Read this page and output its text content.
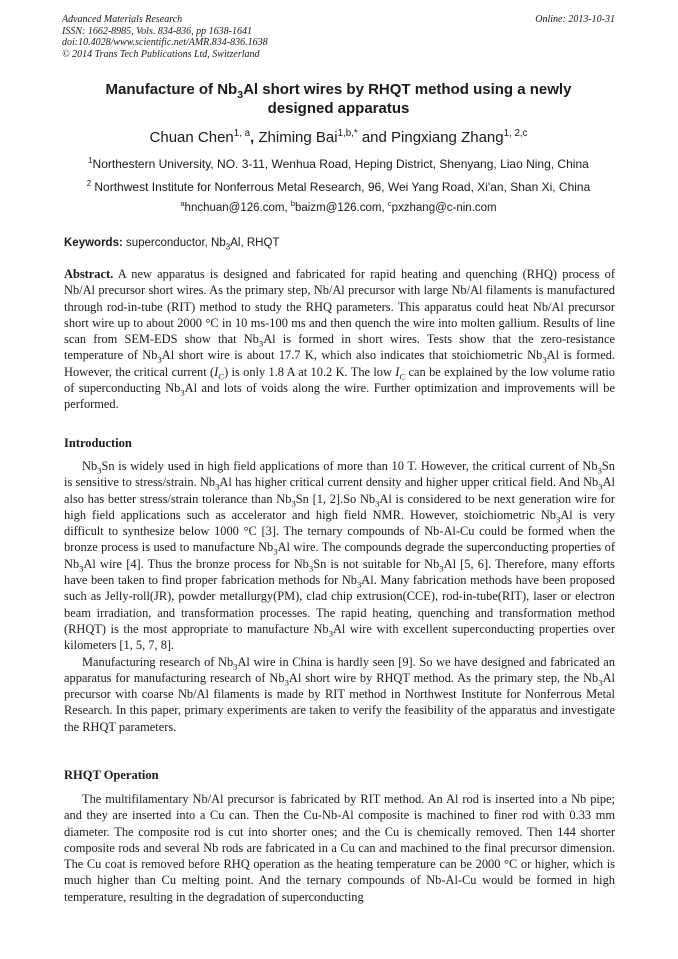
Advanced Materials Research
ISSN: 1662-8985, Vols. 834-836, pp 1638-1641
doi:10.4028/www.scientific.net/AMR.834-836.1638
© 2014 Trans Tech Publications Ltd, Switzerland
Online: 2013-10-31
Manufacture of $Nb_3Al$ short wires by RHQT method using a newly
designed apparatus
Chuan Chen$^{1, a}$, Zhiming Bai$^{1,b,*}$ and Pingxiang Zhang$^{1, 2,c}$
$^1$Northestern University, NO. 3-11, Wenhua Road, Heping District, Shenyang, Liao Ning, China
$^2$ Northwest Institute for Nonferrous Metal Research, 96, Wei Yang Road, Xi'an, Shan Xi, China
$^a$hnchuan@126.com, $^b$baizm@126.com, $^c$pxzhang@c-nin.com
Keywords: superconductor, $Nb_3Al$, RHQT

Abstract. A new apparatus is designed and fabricated for rapid heating and quenching (RHQ) process of Nb/Al precursor short wires. As the primary step, Nb/Al precursor with large Nb/Al filaments is manufactured through rod-in-tube (RIT) method to study the RHQ parameters. This apparatus could heat Nb/Al precursor short wire up to about 2000 °C in 10 ms-100 ms and then quench the wire into molten gallium. Results of line scan from SEM-EDS show that $Nb_3Al$ is formed in short wires. Tests show that the zero-resistance temperature of $Nb_3Al$ short wire is about 17.7 K, which also indicates that stoichiometric $Nb_3Al$ is formed. However, the critical current $(I_C)$ is only 1.8 A at 10.2 K. The low $I_C$ can be explained by the low volume ratio of superconducting $Nb_3Al$ and lots of voids along the wire. Further optimization and improvements will be performed.

Introduction

$Nb_3Sn$ is widely used in high field applications of more than 10 T. However, the critical current of $Nb_3Sn$ is sensitive to stress/strain. $Nb_3Al$ has higher critical current density and higher upper critical field. And $Nb_3Al$ also has better stress/strain tolerance than $Nb_3Sn$ [1, 2].So $Nb_3Al$ is considered to be next generation wire for high field applications such as accelerator and high field NMR. However, stoichiometric $Nb_3Al$ is very difficult to synthesize below 1000 °C [3]. The ternary compounds of Nb-Al-Cu could be formed when the bronze process is used to manufacture $Nb_3Al$ wire. The compounds degrade the superconducting properties of $Nb_3Al$ wire [4]. Thus the bronze process for $Nb_3Sn$ is not suitable for $Nb_3Al$ [5, 6]. Therefore, many efforts have been taken to find proper fabrication methods for $Nb_3Al$. Many fabrication methods have been proposed such as Jelly-roll(JR), powder metallurgy(PM), clad chip extrusion(CCE), rod-in-tube(RIT), laser or electron beam irradiation, and transformation processes. The rapid heating, quenching and transformation method (RHQT) is the most appropriate to manufacture $Nb_3Al$ wire with excellent superconducting properties over kilometers [1, 5, 7, 8].

Manufacturing research of $Nb_3Al$ wire in China is hardly seen [9]. So we have designed and fabricated an apparatus for manufacturing research of $Nb_3Al$ short wire by RHQT method. As the primary step, the $Nb_3Al$ precursor with coarse Nb/Al filaments is made by RIT method in Northwest Institute for Nonferrous Metal Research. In this paper, primary experiments are taken to verify the feasibility of the apparatus and investigate the RHQT parameters.

RHQT Operation

The multifilamentary Nb/Al precursor is fabricated by RIT method. An Al rod is inserted into a Nb pipe; and they are inserted into a Cu can. Then the Cu-Nb-Al composite is machined to finer rod with 0.33 mm diameter. The composite rod is cut into shorter ones; and the Cu is chemically removed. Then 144 shorter composite rods and several Nb rods are fabricated in a Cu can and machined to the final precursor dimension. The Cu coat is removed before RHQ operation as the heating temperature can be 2000 °C or higher, which is much higher than Cu melting point. And the ternary compounds of Nb-Al-Cu would be formed in high temperature, resulting in the degradation of superconducting
